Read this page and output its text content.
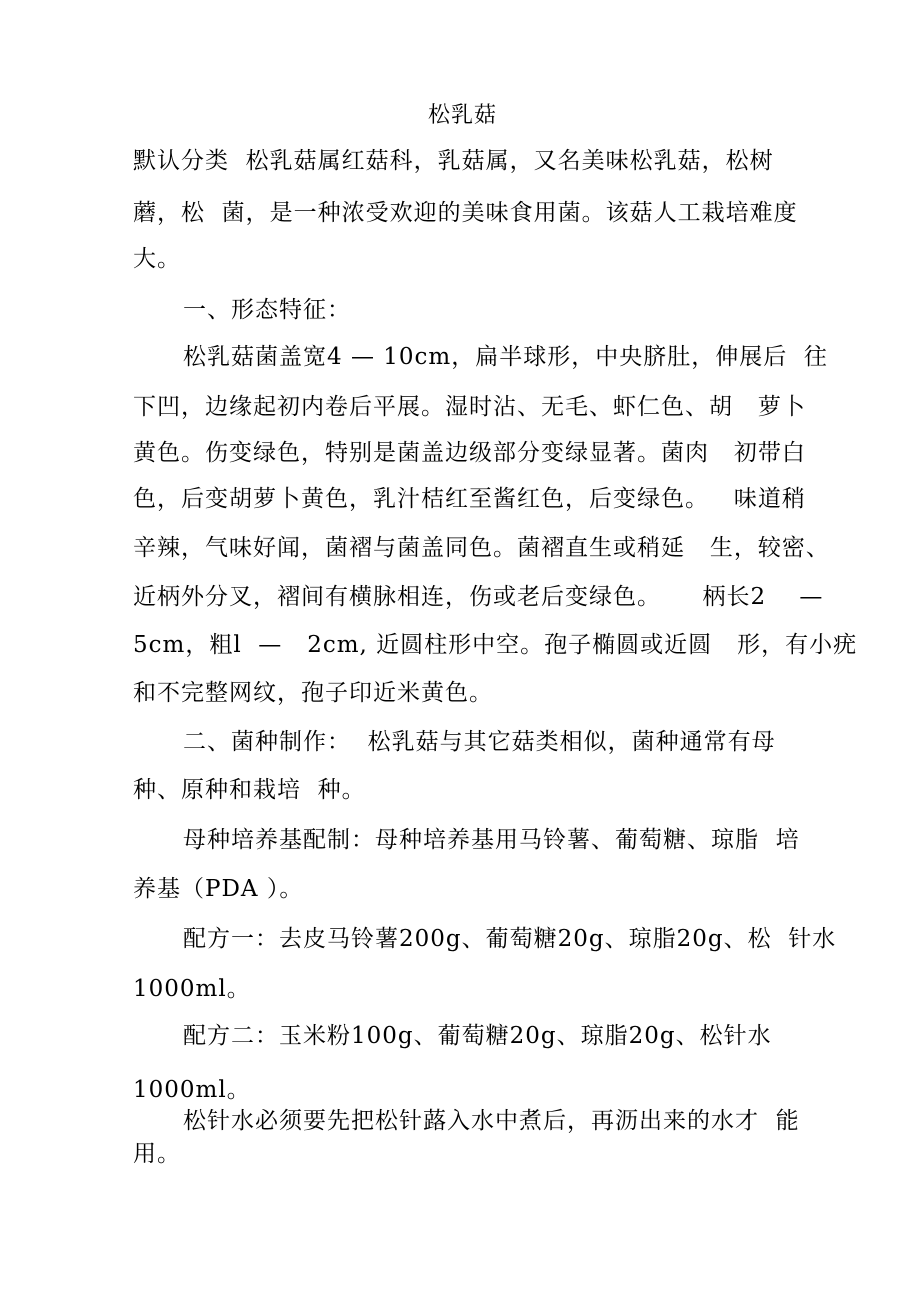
松乳菇
默认分类  松乳菇属红菇科，乳菇属，又名美味松乳菇，松树
蘑，松  菌，是一种浓受欢迎的美味食用菌。该菇人工栽培难度
大。
一、形态特征：
松乳菇菌盖宽4 — 10cm，扁半球形，中央脐肚，伸展后  往
下凹，边缘起初内卷后平展。湿时沾、无毛、虾仁色、胡   萝卜
黄色。伤变绿色，特别是菌盖边级部分变绿显著。菌肉   初带白
色，后变胡萝卜黄色，乳汁桔红至酱红色，后变绿色。   味道稍
辛辣，气味好闻，菌褶与菌盖同色。菌褶直生或稍延   生，较密、
近柄外分叉，褶间有横脉相连，伤或老后变绿色。     柄长2    —
5cm，粗l  —   2cm, 近圆柱形中空。孢子椭圆或近圆   形，有小疣
和不完整网纹，孢子印近米黄色。
二、菌种制作：  松乳菇与其它菇类相似，菌种通常有母
种、原种和栽培  种。
母种培养基配制：母种培养基用马铃薯、葡萄糖、琼脂  培
养基（PDA ）。
配方一：去皮马铃薯200g、葡萄糖20g、琼脂20g、松  针水
1000ml。
配方二：玉米粉100g、葡萄糖20g、琼脂20g、松针水
1000ml。
松针水必须要先把松针蕗入水中煮后，再沥出来的水才  能
用。
